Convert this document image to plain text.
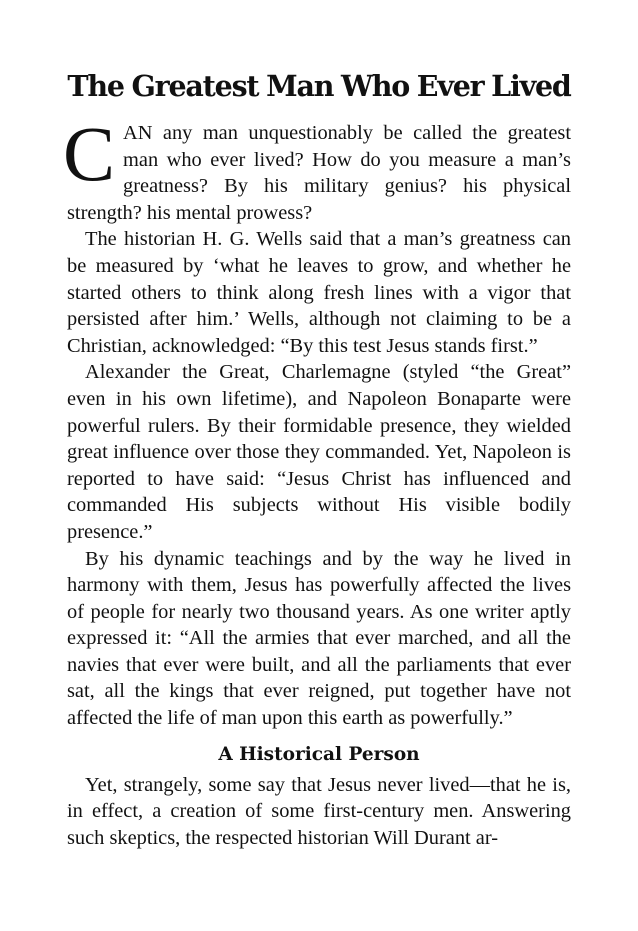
The Greatest Man Who Ever Lived

CAN any man unquestionably be called the greatest man who ever lived? How do you measure a man’s greatness? By his military genius? his physical strength? his mental prowess?

The historian H. G. Wells said that a man’s greatness can be measured by ‘what he leaves to grow, and whether he started others to think along fresh lines with a vigor that persisted after him.’ Wells, although not claiming to be a Christian, acknowledged: “By this test Jesus stands first.”

Alexander the Great, Charlemagne (styled “the Great” even in his own lifetime), and Napoleon Bonaparte were powerful rulers. By their formidable presence, they wielded great influence over those they commanded. Yet, Napoleon is reported to have said: “Jesus Christ has influenced and commanded His subjects without His visible bodily presence.”

By his dynamic teachings and by the way he lived in harmony with them, Jesus has powerfully affected the lives of people for nearly two thousand years. As one writer aptly expressed it: “All the armies that ever marched, and all the navies that ever were built, and all the parliaments that ever sat, all the kings that ever reigned, put together have not affected the life of man upon this earth as powerfully.”

A Historical Person

Yet, strangely, some say that Jesus never lived—that he is, in effect, a creation of some first-century men. Answering such skeptics, the respected historian Will Durant ar-
